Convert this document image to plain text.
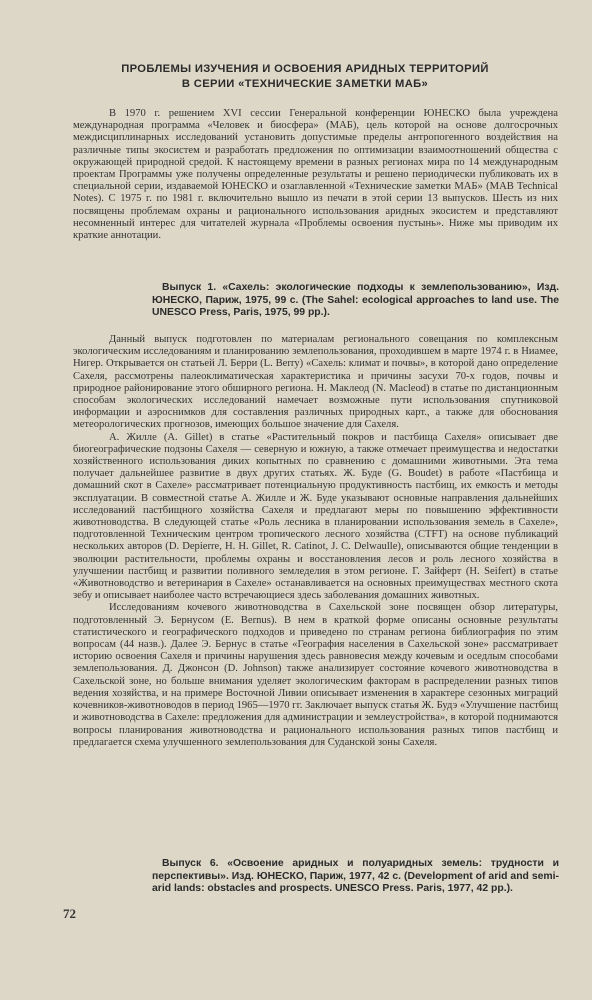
ПРОБЛЕМЫ ИЗУЧЕНИЯ И ОСВОЕНИЯ АРИДНЫХ ТЕРРИТОРИЙ
В СЕРИИ «ТЕХНИЧЕСКИЕ ЗАМЕТКИ МАБ»

В 1970 г. решением XVI сессии Генеральной конференции ЮНЕСКО была учреждена международная программа «Человек и биосфера» (МАБ), цель которой на основе долгосрочных междисциплинарных исследований установить допустимые пределы антропогенного воздействия на различные типы экосистем и разработать предложения по оптимизации взаимоотношений общества с окружающей природной средой. К настоящему времени в разных регионах мира по 14 международным проектам Программы уже получены определенные результаты и решено периодически публиковать их в специальной серии, издаваемой ЮНЕСКО и озаглавленной «Технические заметки МАБ» (MAB Technical Notes). С 1975 г. по 1981 г. включительно вышло из печати в этой серии 13 выпусков. Шесть из них посвящены проблемам охраны и рационального использования аридных экосистем и представляют несомненный интерес для читателей журнала «Проблемы освоения пустынь». Ниже мы приводим их краткие аннотации.

Выпуск 1. «Сахель: экологические подходы к землепользованию», Изд. ЮНЕСКО, Париж, 1975, 99 с. (The Sahel: ecological approaches to land use. The UNESCO Press, Paris, 1975, 99 pp.).

Данный выпуск подготовлен по материалам регионального совещания по комплексным экологическим исследованиям и планированию землепользования, проходившем в марте 1974 г. в Ниамее, Нигер. Открывается он статьей Л. Берри (L. Berry) «Сахель: климат и почвы», в которой дано определение Сахеля, рассмотрены палеоклиматическая характеристика и причины засухи 70-х годов, почвы и природное районирование этого обширного региона. Н. Маклеод (N. Macleod) в статье по дистанционным способам экологических исследований намечает возможные пути использования спутниковой информации и аэроснимков для составления различных природных карт., а также для обоснования метеорологических прогнозов, имеющих большое значение для Сахеля.

А. Жилле (A. Gillet) в статье «Растительный покров и пастбища Сахеля» описывает две биогеографические подзоны Сахеля — северную и южную, а также отмечает преимущества и недостатки хозяйственного использования диких копытных по сравнению с домашними животными. Эта тема получает дальнейшее развитие в двух других статьях. Ж. Буде (G. Boudet) в работе «Пастбища и домашний скот в Сахеле» рассматривает потенциальную продуктивность пастбищ, их емкость и методы эксплуатации. В совместной статье А. Жилле и Ж. Буде указывают основные направления дальнейших исследований пастбищного хозяйства Сахеля и предлагают меры по повышению эффективности животноводства. В следующей статье «Роль лесника в планировании использования земель в Сахеле», подготовленной Техническим центром тропического лесного хозяйства (CTFT) на основе публикаций нескольких авторов (D. Depierre, H. H. Gillet, R. Catinot, J. C. Delwaulle), описываются общие тенденции в эволюции растительности, проблемы охраны и восстановления лесов и роль лесного хозяйства в улучшении пастбищ и развитии поливного земледелия в этом регионе. Г. Зайферт (H. Seifert) в статье «Животноводство и ветеринария в Сахеле» останавливается на основных преимуществах местного скота зебу и описывает наиболее часто встречающиеся здесь заболевания домашних животных.

Исследованиям кочевого животноводства в Сахельской зоне посвящен обзор литературы, подготовленный Э. Бернусом (E. Bernus). В нем в краткой форме описаны основные результаты статистического и географического подходов и приведено по странам региона библиография по этим вопросам (44 назв.). Далее Э. Бернус в статье «География населения в Сахельской зоне» рассматривает историю освоения Сахеля и причины нарушения здесь равновесия между кочевым и оседлым способами землепользования. Д. Джонсон (D. Johnson) также анализирует состояние кочевого животноводства в Сахельской зоне, но больше внимания уделяет экологическим факторам в распределении разных типов ведения хозяйства, и на примере Восточной Ливии описывает изменения в характере сезонных миграций кочевников-животноводов в период 1965—1970 гг. Заключает выпуск статья Ж. Будэ «Улучшение пастбищ и животноводства в Сахеле: предложения для администрации и землеустройства», в которой поднимаются вопросы планирования животноводства и рационального использования разных типов пастбищ и предлагается схема улучшенного землепользования для Суданской зоны Сахеля.

Выпуск 6. «Освоение аридных и полуаридных земель: трудности и перспективы». Изд. ЮНЕСКО, Париж, 1977, 42 с. (Development of arid and semi-arid lands: obstacles and prospects. UNESCO Press. Paris, 1977, 42 pp.).

72
